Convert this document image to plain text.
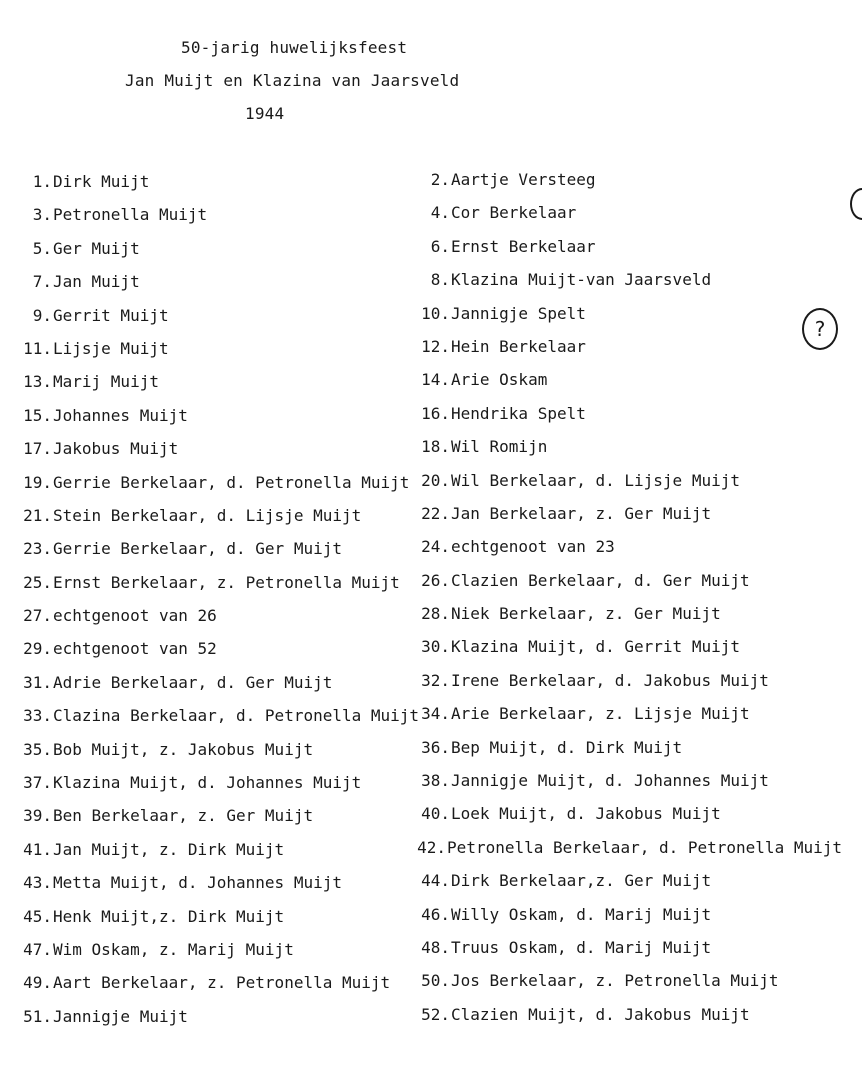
50-jarig huwelijksfeest
Jan Muijt en Klazina van Jaarsveld
1944
1. Dirk Muijt
3. Petronella Muijt
5. Ger Muijt
7. Jan Muijt
9. Gerrit Muijt
11. Lijsje Muijt
13. Marij Muijt
15. Johannes Muijt
17. Jakobus Muijt
19. Gerrie Berkelaar, d. Petronella Muijt
21. Stein Berkelaar, d. Lijsje Muijt
23. Gerrie Berkelaar, d. Ger Muijt
25. Ernst Berkelaar, z. Petronella Muijt
27. echtgenoot van 26
29. echtgenoot van 52
31. Adrie Berkelaar, d. Ger Muijt
33. Clazina Berkelaar, d. Petronella Muijt
35. Bob Muijt, z. Jakobus Muijt
37. Klazina Muijt, d. Johannes Muijt
39. Ben Berkelaar, z. Ger Muijt
41. Jan Muijt, z. Dirk Muijt
43. Metta Muijt, d. Johannes Muijt
45. Henk Muijt,z. Dirk Muijt
47. Wim Oskam, z. Marij Muijt
49. Aart Berkelaar, z. Petronella Muijt
51. Jannigje Muijt
2. Aartje Versteeg
4. Cor Berkelaar
6. Ernst Berkelaar
8. Klazina Muijt-van Jaarsveld
10. Jannigje Spelt
12. Hein Berkelaar
14. Arie Oskam
16. Hendrika Spelt
18. Wil Romijn
20. Wil Berkelaar, d. Lijsje Muijt
22. Jan Berkelaar, z. Ger Muijt
24. echtgenoot van 23
26. Clazien Berkelaar, d. Ger Muijt
28. Niek Berkelaar, z. Ger Muijt
30. Klazina Muijt, d. Gerrit Muijt
32. Irene Berkelaar, d. Jakobus Muijt
34. Arie Berkelaar, z. Lijsje Muijt
36. Bep Muijt, d. Dirk Muijt
38. Jannigje Muijt, d. Johannes Muijt
40. Loek Muijt, d. Jakobus Muijt
42. Petronella Berkelaar, d. Petronella Muijt
44. Dirk Berkelaar,z. Ger Muijt
46. Willy Oskam, d. Marij Muijt
48. Truus Oskam, d. Marij Muijt
50. Jos Berkelaar, z. Petronella Muijt
52. Clazien Muijt, d. Jakobus Muijt
?
